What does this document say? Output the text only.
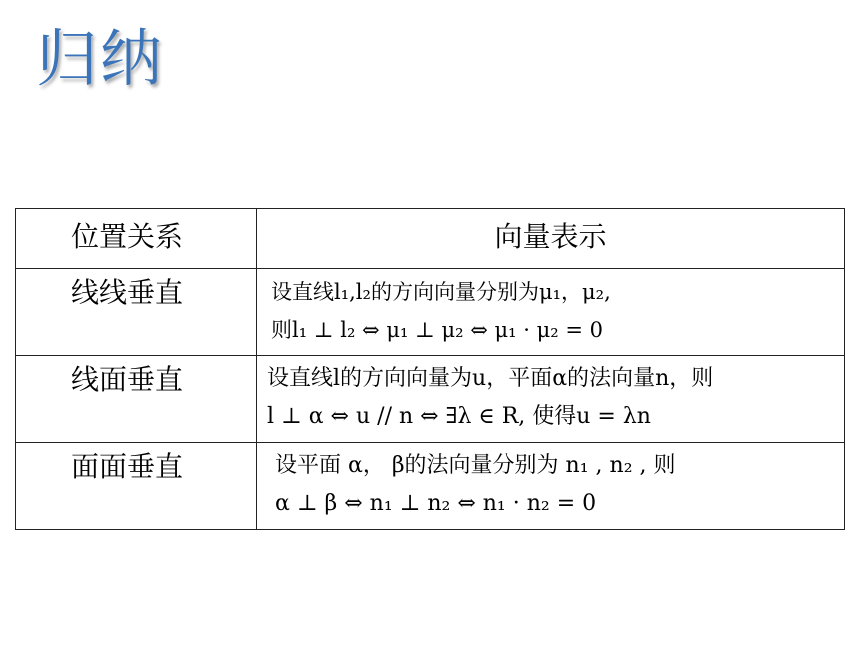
归纳
位置关系	向量表示
线线垂直	设直线l₁,l₂的方向向量分别为μ₁，μ₂,
则l₁ ⊥ l₂ ⇔ μ₁ ⊥ μ₂ ⇔ μ₁ · μ₂ = 0

线面垂直	设直线l的方向向量为u，平面α的法向量n，则
l ⊥ α ⇔ u // n ⇔ ∃λ ∈ R, 使得u = λn

面面垂直	设平面 α， β的法向量分别为 n₁ , n₂ , 则
α ⊥ β ⇔ n₁ ⊥ n₂ ⇔ n₁ · n₂ = 0
